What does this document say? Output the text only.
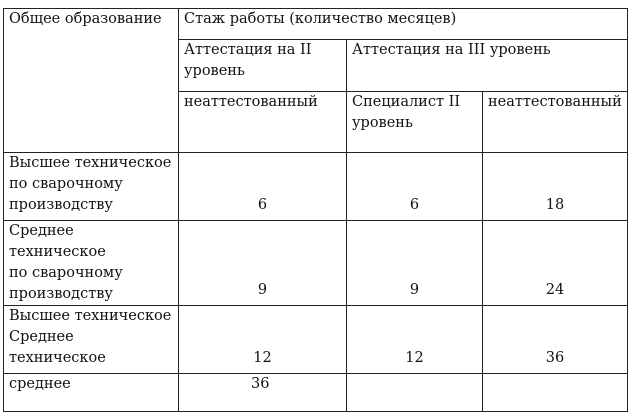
Общее образование	Стаж работы (количество месяцев)		
	Аттестация на II уровень	Аттестация на III уровень	
	неаттестованный	Специалист II уровень	неаттестованный

Высшее техническое
по сварочному
производству	6	6	18

Среднее техническое
по сварочному
производству	9	9	24

Высшее техническое
Среднее техническое	12	12	36
среднее	36		
